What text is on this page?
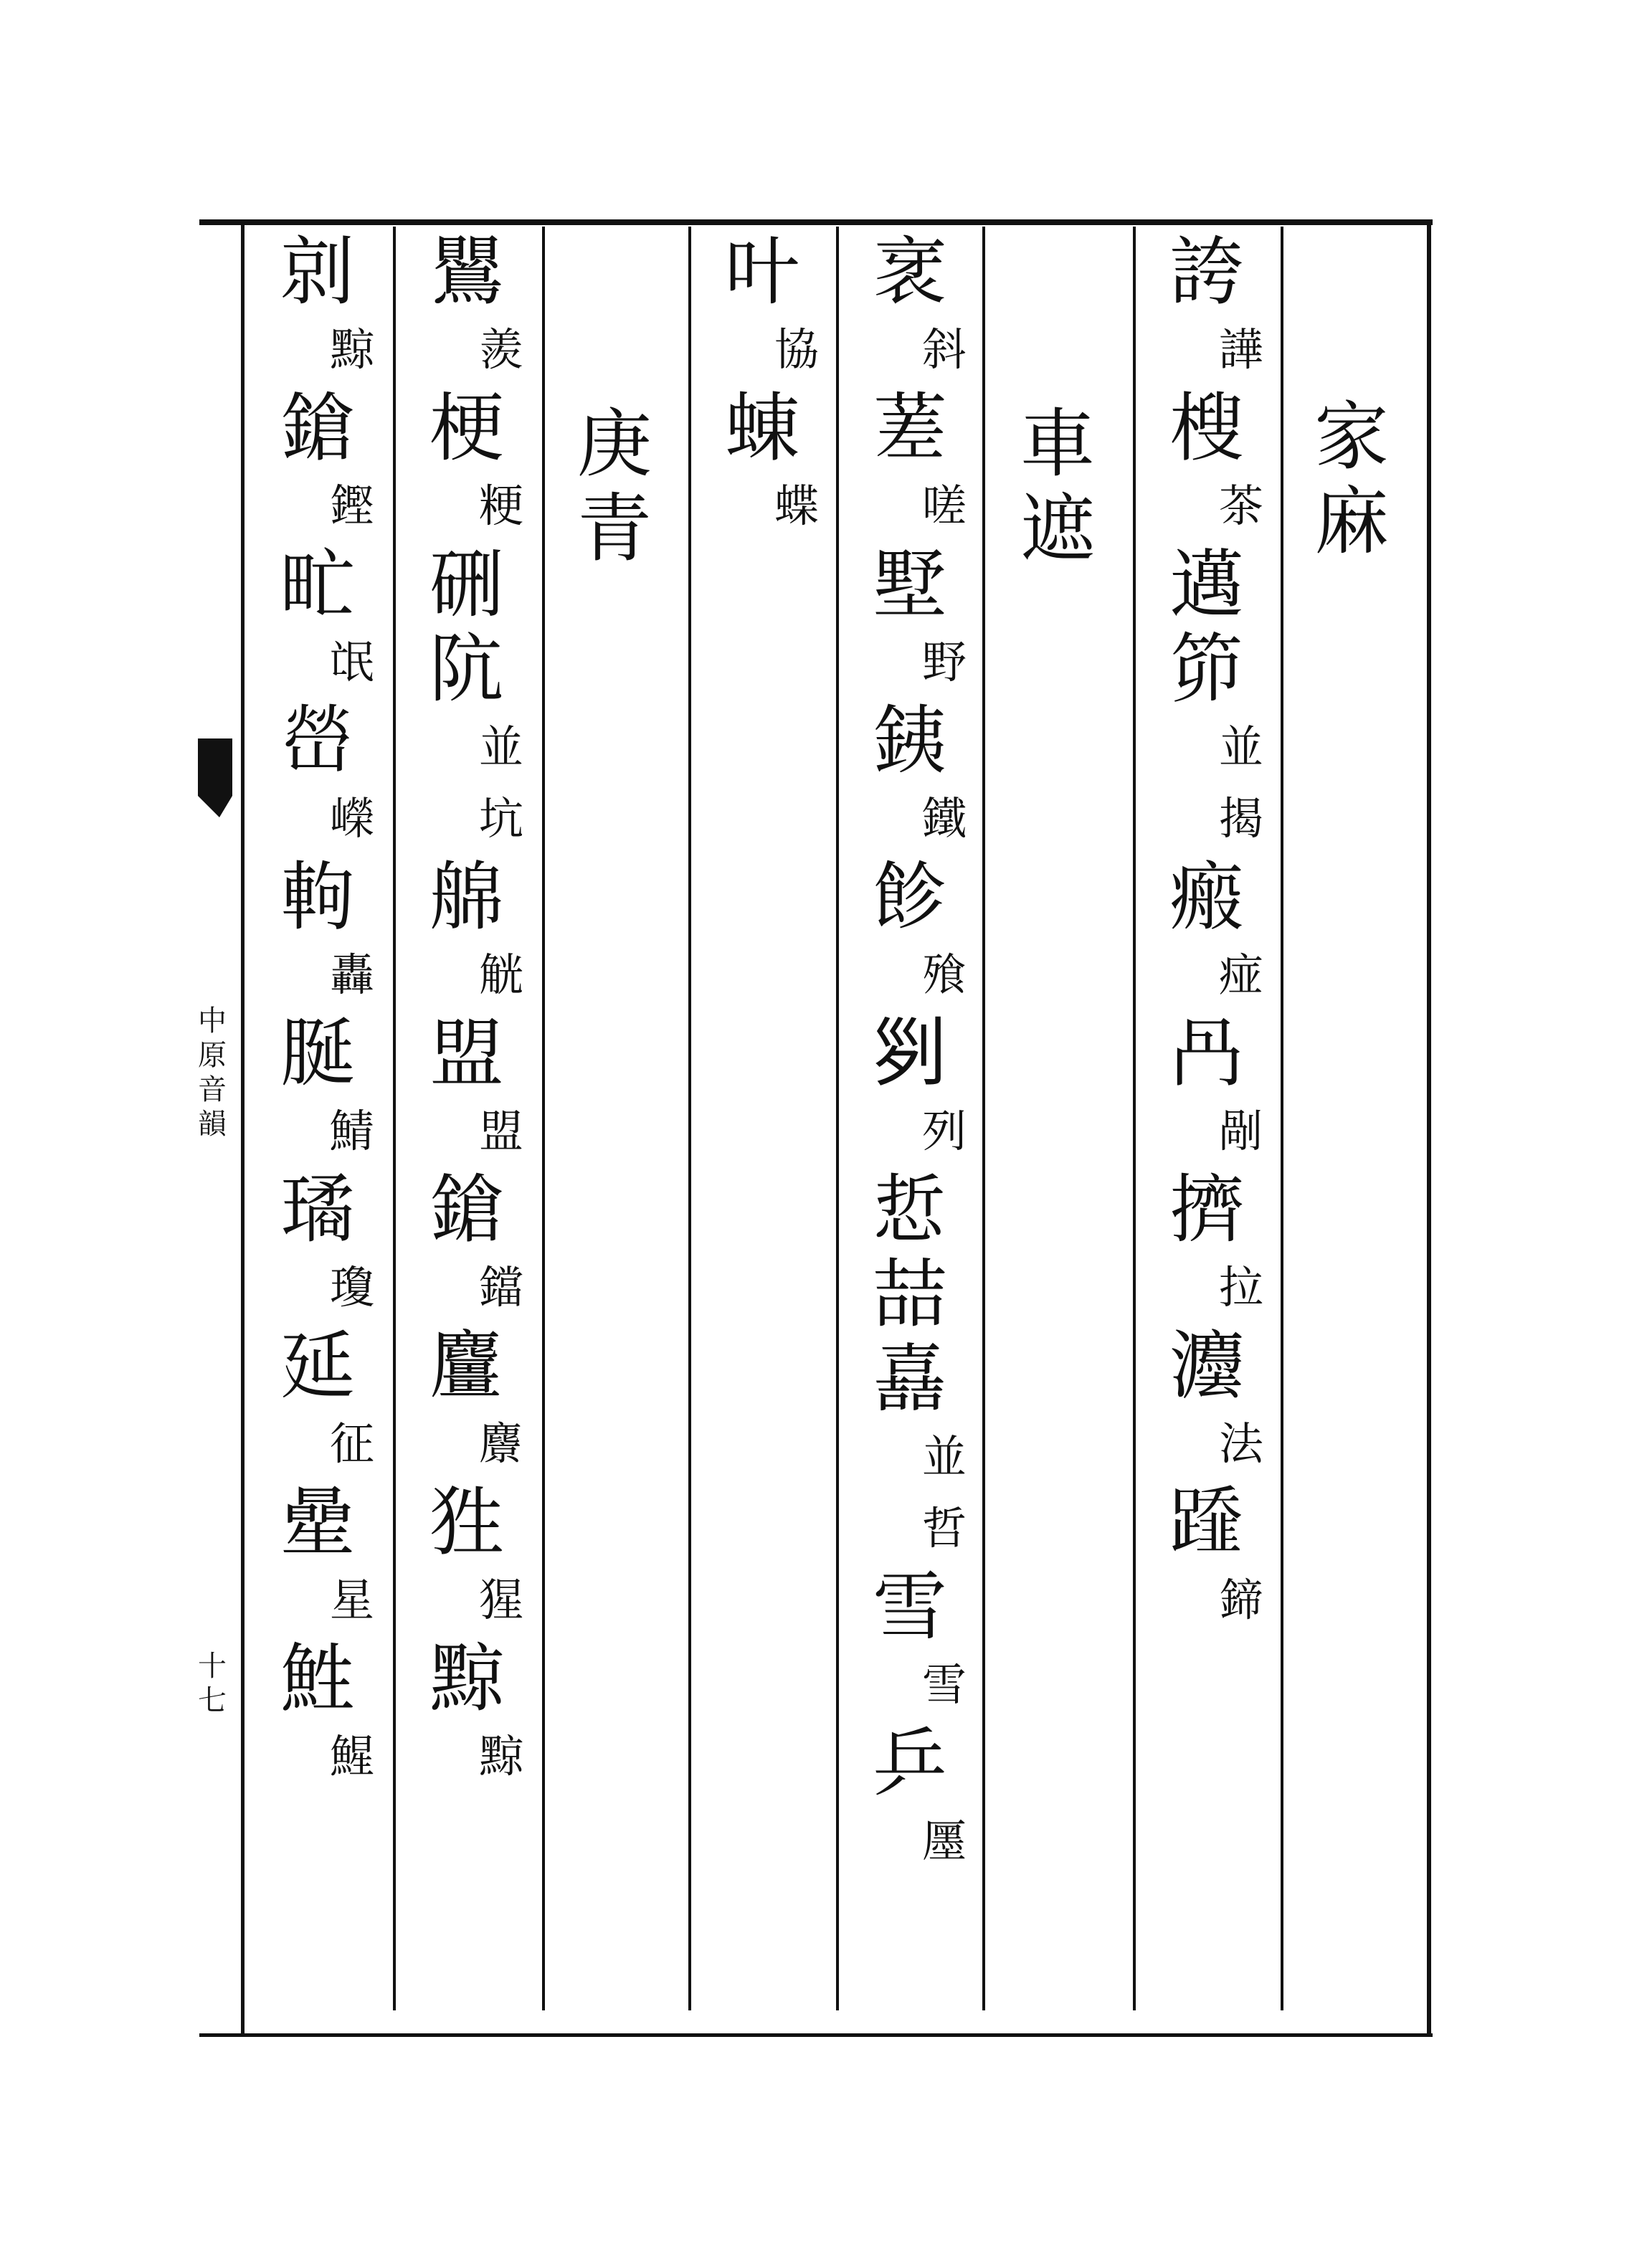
中原音韻
十七
家
麻
誇
譁
㮴
茶
邁
笷
並
揭
瘢
痖
冎
剮
擠
拉
灋
法
𨆂
鍗
車
遮
衺
斜
蒫
嗟
墅
野
銕
鐵
飻
飱
𠛱
列
悊
喆
嚞
並
哲
雪
雪
乒
㕓
叶
協
蝀
蝶
庚
青
鸎
羨
梗
粳
硎
阬
並
坑
艊
觥
盟
盟
鎗
鐺
麠
麖
狌
猩
黥
黥
剠
黥
鎗
鏗
甿
氓
嵤
嶸
軥
轟
脠
鯖
璚
瓊
延
征
曐
星
鮏
鯹
